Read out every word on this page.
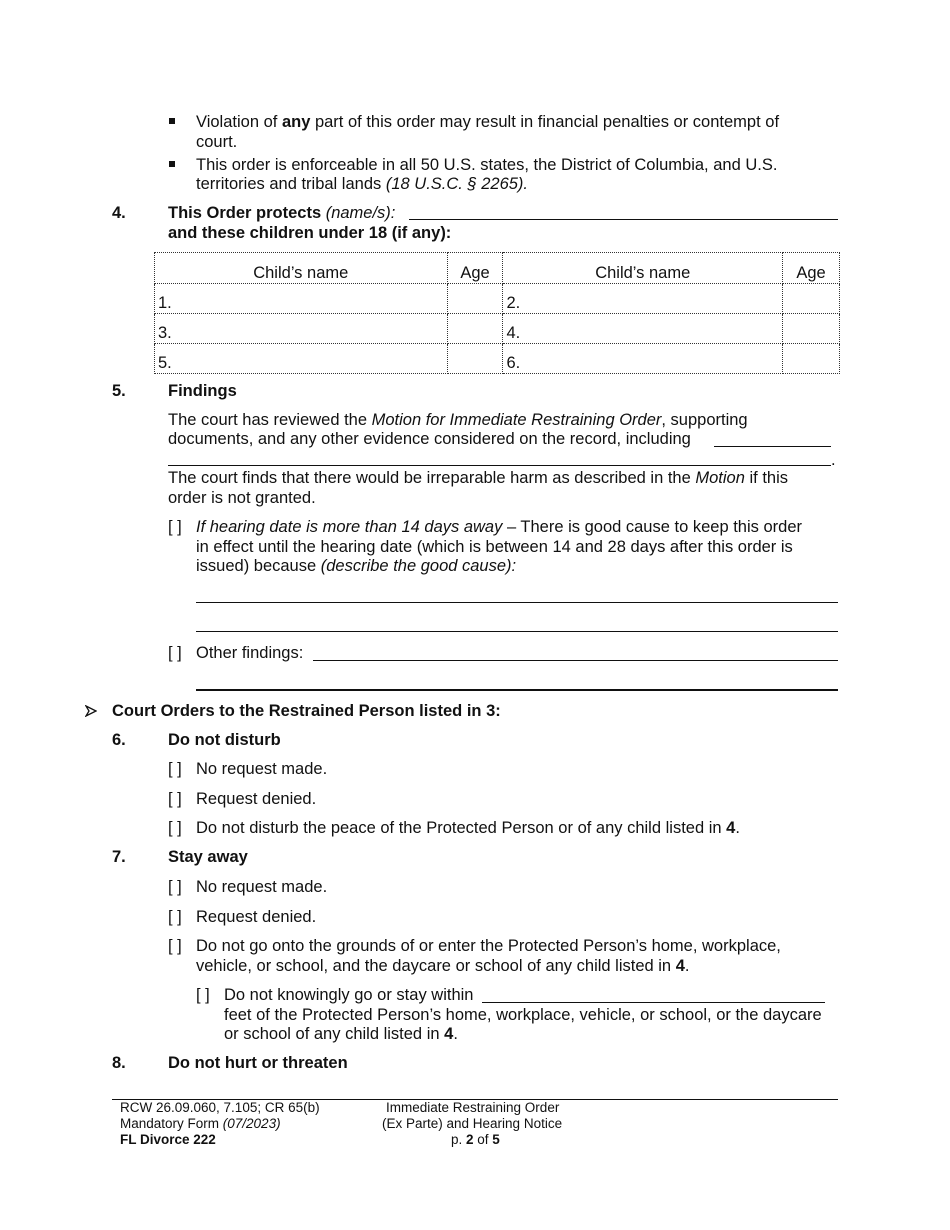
Violation of any part of this order may result in financial penalties or contempt of
court.
This order is enforceable in all 50 U.S. states, the District of Columbia, and U.S.
territories and tribal lands (18 U.S.C. § 2265).
4.	This Order protects (name/s):
and these children under 18 (if any):
Child’s name	Age	Child’s name	Age
1.		2.	
3.		4.	
5.		6.	
5.	Findings
The court has reviewed the Motion for Immediate Restraining Order, supporting
documents, and any other evidence considered on the record, including
.
The court finds that there would be irreparable harm as described in the Motion if this
order is not granted.
[ ] If hearing date is more than 14 days away – There is good cause to keep this order
in effect until the hearing date (which is between 14 and 28 days after this order is
issued) because (describe the good cause):
[ ] Other findings:
Court Orders to the Restrained Person listed in 3:
6.	Do not disturb
[ ] No request made.
[ ] Request denied.
[ ] Do not disturb the peace of the Protected Person or of any child listed in 4.
7.	Stay away
[ ] No request made.
[ ] Request denied.
[ ] Do not go onto the grounds of or enter the Protected Person’s home, workplace,
vehicle, or school, and the daycare or school of any child listed in 4.
[ ] Do not knowingly go or stay within
feet of the Protected Person’s home, workplace, vehicle, or school, or the daycare
or school of any child listed in 4.
8.	Do not hurt or threaten
RCW 26.09.060, 7.105; CR 65(b)
Mandatory Form (07/2023)
FL Divorce 222
Immediate Restraining Order
(Ex Parte) and Hearing Notice
p. 2 of 5
